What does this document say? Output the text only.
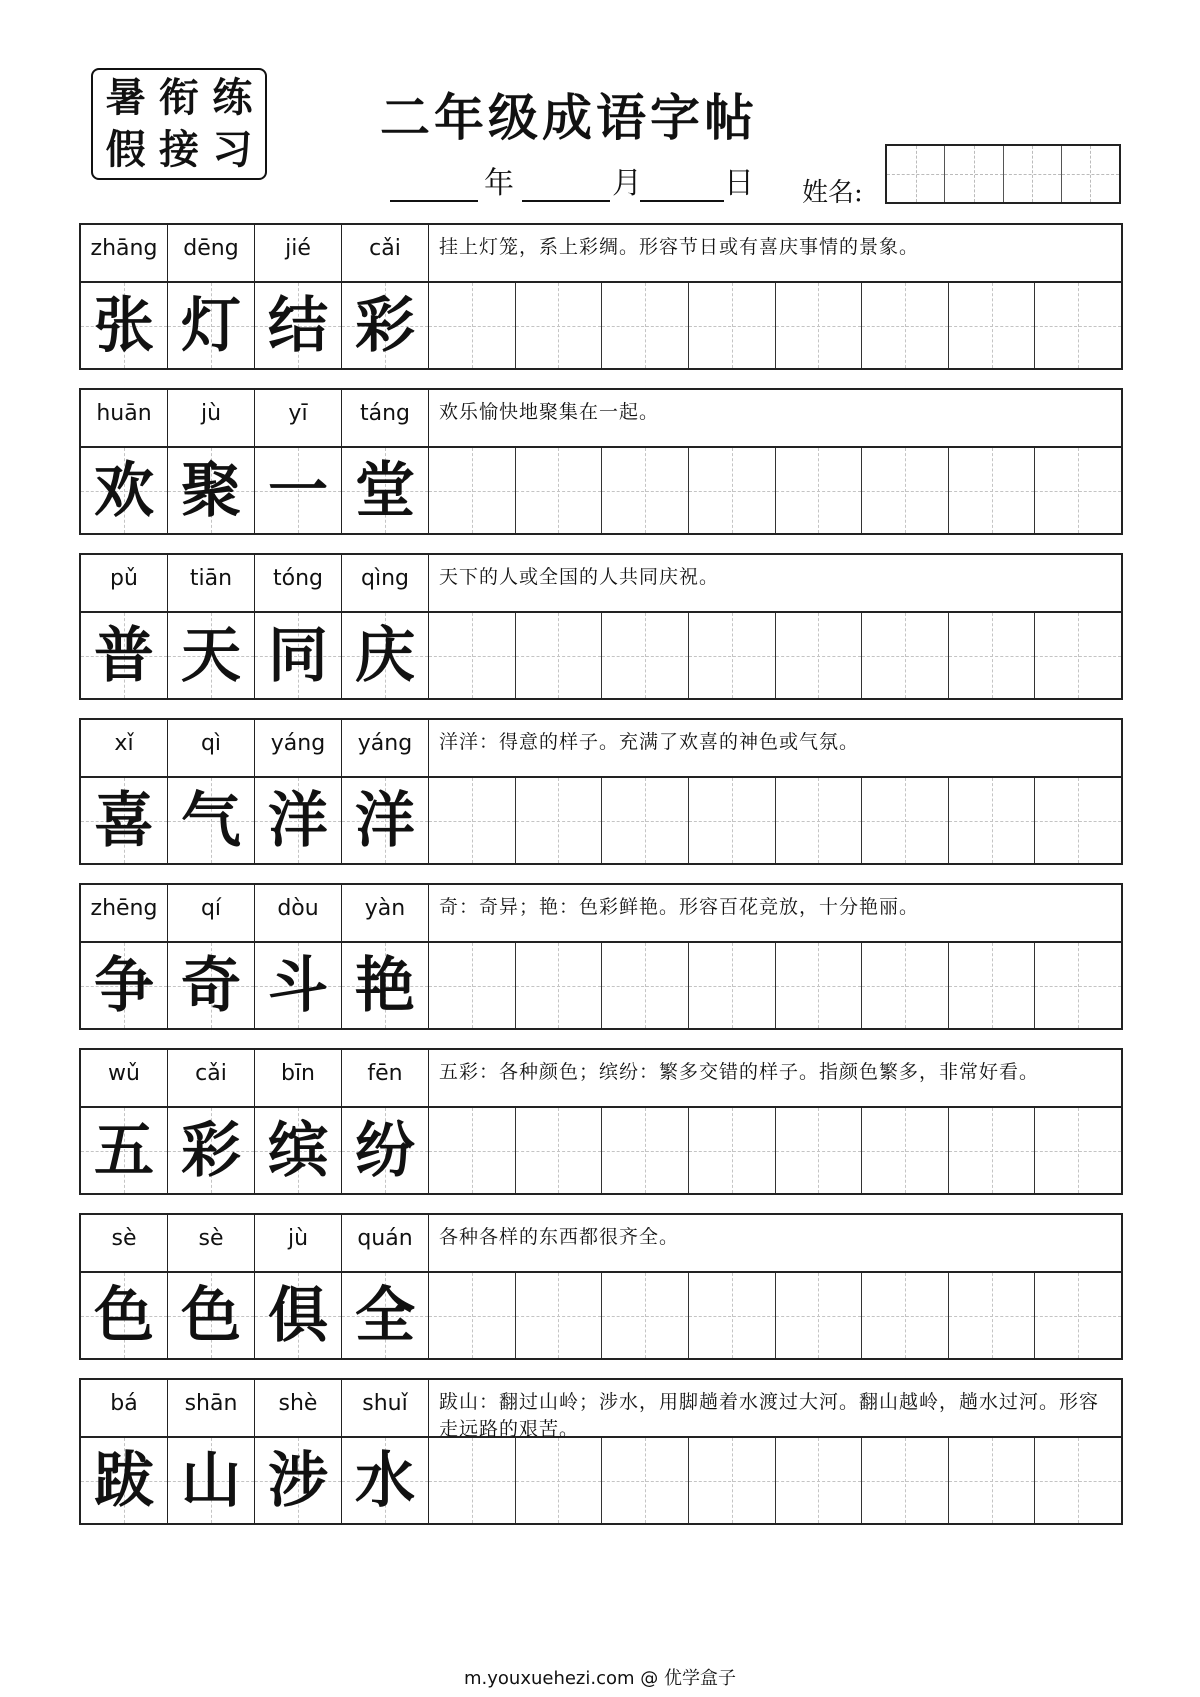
暑 衔 练
假 接 习
二年级成语字帖
年	月	日 姓名:
zhāng	dēng	jié	cǎi	挂上灯笼，系上彩绸。形容节日或有喜庆事情的景象。
张 灯 结 彩
huān	jù	yī	táng	欢乐愉快地聚集在一起。
欢 聚 一 堂
pǔ	tiān	tóng	qìng	天下的人或全国的人共同庆祝。
普 天 同 庆
xǐ	qì	yáng	yáng	洋洋：得意的样子。充满了欢喜的神色或气氛。
喜 气 洋 洋
zhēng	qí	dòu	yàn	奇：奇异；艳：色彩鲜艳。形容百花竞放，十分艳丽。
争 奇 斗 艳
wǔ	cǎi	bīn	fēn	五彩：各种颜色；缤纷：繁多交错的样子。指颜色繁多，非常好看。
五 彩 缤 纷
sè	sè	jù	quán	各种各样的东西都很齐全。
色 色 俱 全
bá	shān	shè	shuǐ	跋山：翻过山岭；涉水，用脚趟着水渡过大河。翻山越岭，趟水过河。形容走远路的艰苦。
跋 山 涉 水
m.youxuehezi.com @ 优学盒子
